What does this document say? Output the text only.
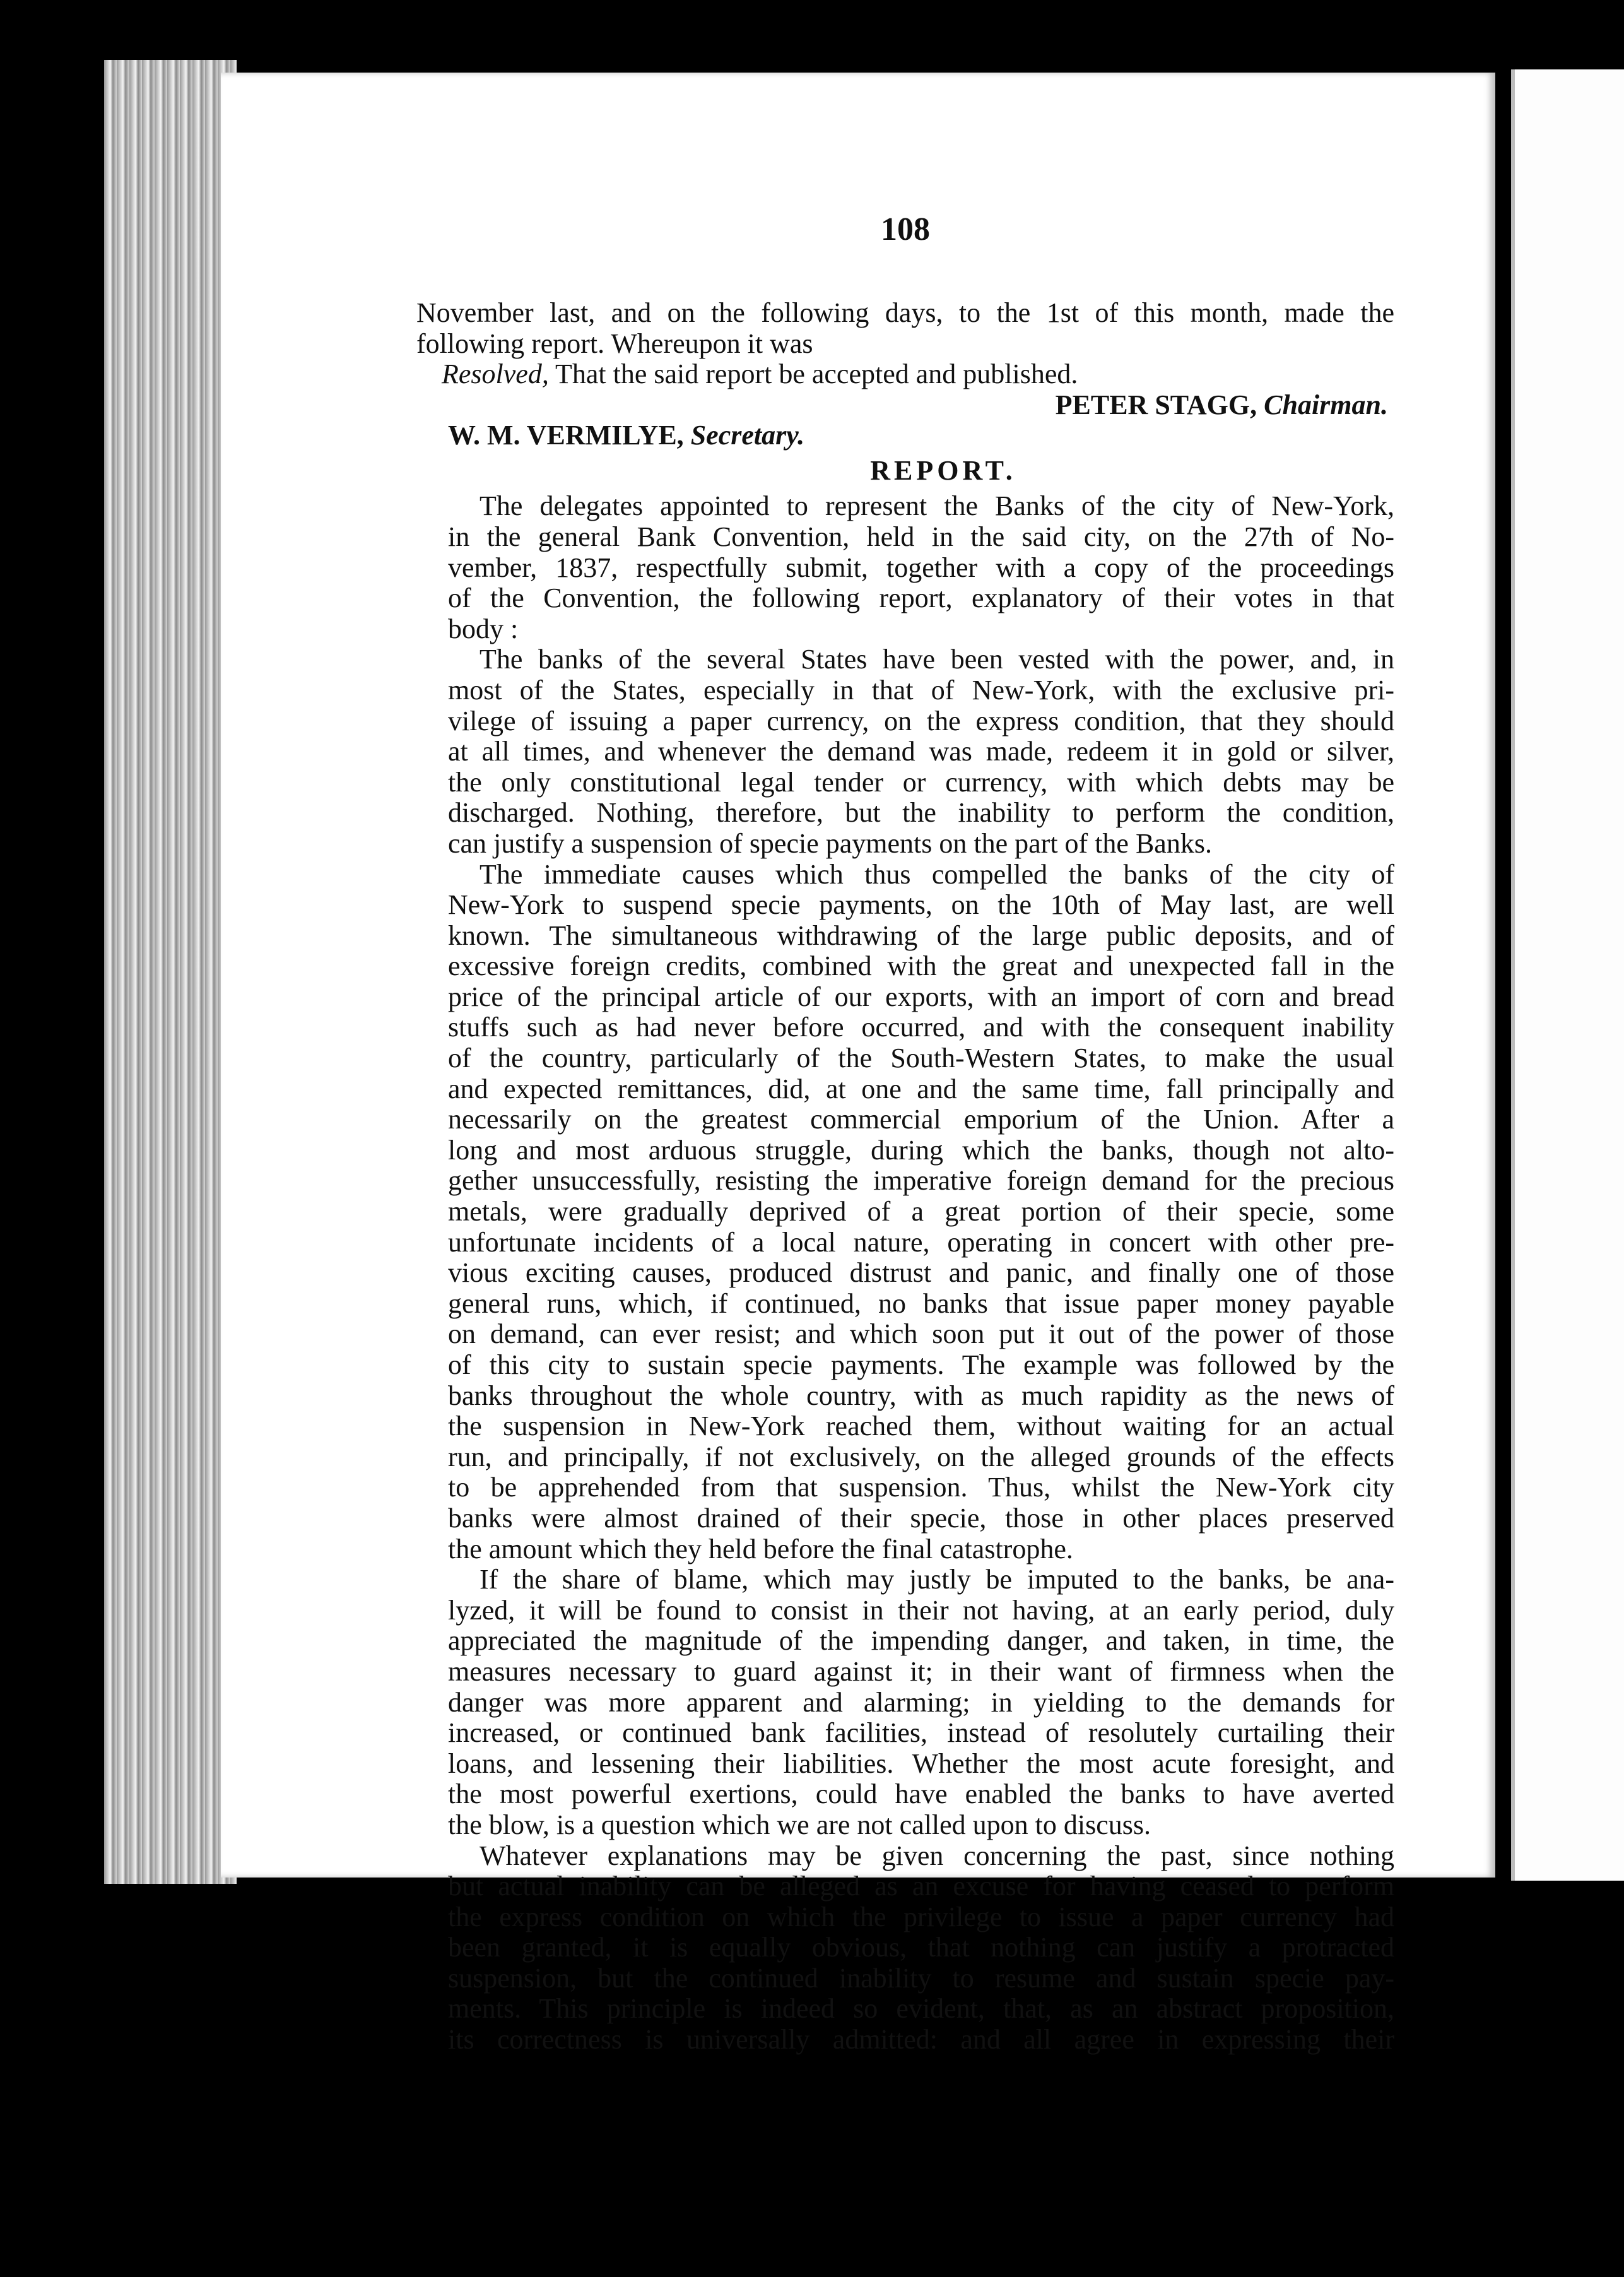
108
November last, and on the following days, to the 1st of this month, made the
following report. Whereupon it was
Resolved, That the said report be accepted and published.
PETER STAGG, Chairman.
W. M. VERMILYE, Secretary.
REPORT.
The delegates appointed to represent the Banks of the city of New-York,
in the general Bank Convention, held in the said city, on the 27th of No-
vember, 1837, respectfully submit, together with a copy of the proceedings
of the Convention, the following report, explanatory of their votes in that
body :
The banks of the several States have been vested with the power, and, in
most of the States, especially in that of New-York, with the exclusive pri-
vilege of issuing a paper currency, on the express condition, that they should
at all times, and whenever the demand was made, redeem it in gold or silver,
the only constitutional legal tender or currency, with which debts may be
discharged. Nothing, therefore, but the inability to perform the condition,
can justify a suspension of specie payments on the part of the Banks.
The immediate causes which thus compelled the banks of the city of
New-York to suspend specie payments, on the 10th of May last, are well
known. The simultaneous withdrawing of the large public deposits, and of
excessive foreign credits, combined with the great and unexpected fall in the
price of the principal article of our exports, with an import of corn and bread
stuffs such as had never before occurred, and with the consequent inability
of the country, particularly of the South-Western States, to make the usual
and expected remittances, did, at one and the same time, fall principally and
necessarily on the greatest commercial emporium of the Union. After a
long and most arduous struggle, during which the banks, though not alto-
gether unsuccessfully, resisting the imperative foreign demand for the precious
metals, were gradually deprived of a great portion of their specie, some
unfortunate incidents of a local nature, operating in concert with other pre-
vious exciting causes, produced distrust and panic, and finally one of those
general runs, which, if continued, no banks that issue paper money payable
on demand, can ever resist; and which soon put it out of the power of those
of this city to sustain specie payments. The example was followed by the
banks throughout the whole country, with as much rapidity as the news of
the suspension in New-York reached them, without waiting for an actual
run, and principally, if not exclusively, on the alleged grounds of the effects
to be apprehended from that suspension. Thus, whilst the New-York city
banks were almost drained of their specie, those in other places preserved
the amount which they held before the final catastrophe.
If the share of blame, which may justly be imputed to the banks, be ana-
lyzed, it will be found to consist in their not having, at an early period, duly
appreciated the magnitude of the impending danger, and taken, in time, the
measures necessary to guard against it; in their want of firmness when the
danger was more apparent and alarming; in yielding to the demands for
increased, or continued bank facilities, instead of resolutely curtailing their
loans, and lessening their liabilities. Whether the most acute foresight, and
the most powerful exertions, could have enabled the banks to have averted
the blow, is a question which we are not called upon to discuss.
Whatever explanations may be given concerning the past, since nothing
but actual inability can be alleged as an excuse for having ceased to perform
the express condition on which the privilege to issue a paper currency had
been granted, it is equally obvious, that nothing can justify a protracted
suspension, but the continued inability to resume and sustain specie pay-
ments. This principle is indeed so evident, that, as an abstract proposition,
its correctness is universally admitted: and all agree in expressing their
